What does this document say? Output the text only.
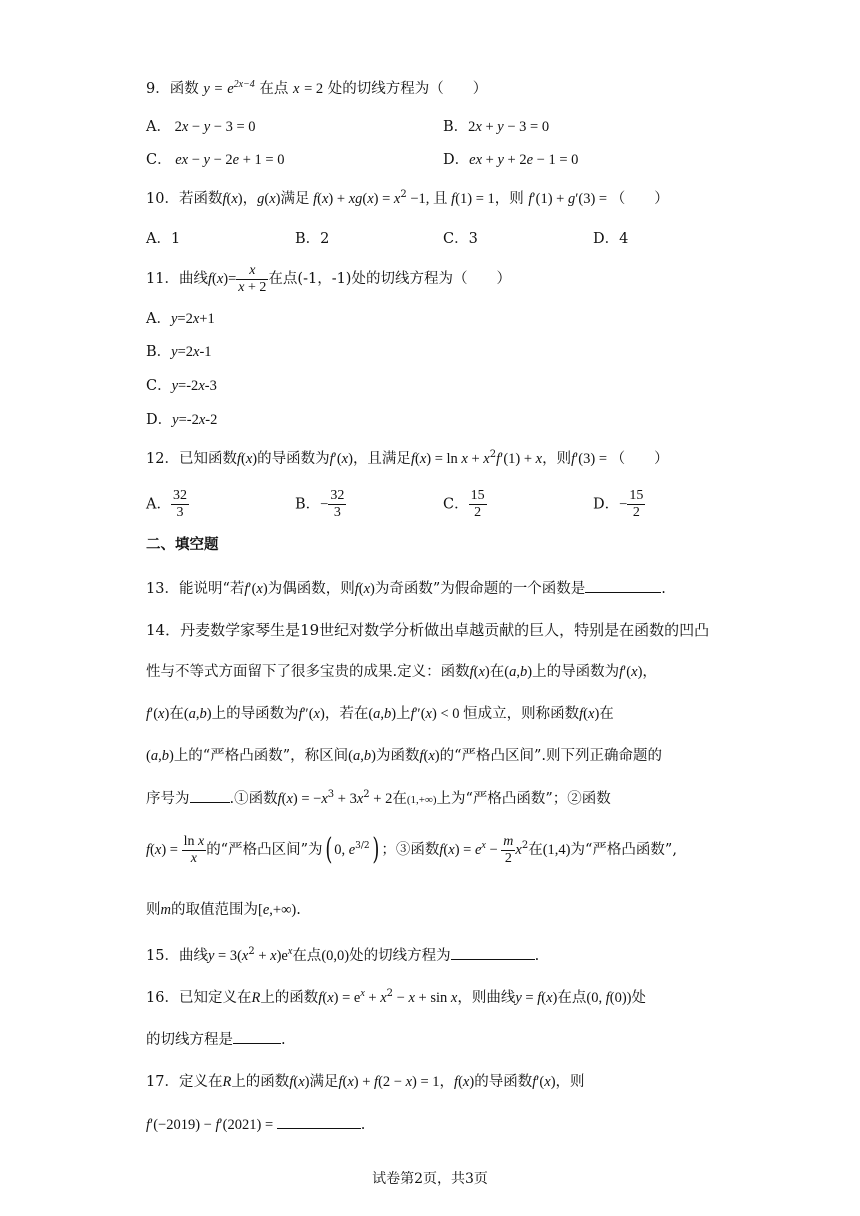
9．函数 $y = e^{2x-4}$ 在点 x = 2 处的切线方程为（　　）
A． 2x − y − 3 = 0	B．2x + y − 3 = 0
C． ex − y − 2e + 1 = 0	D．ex + y + 2e − 1 = 0
10．若函数f(x)，g(x)满足 $f(x) + xg(x) = x^2 -1$, 且 f(1) = 1，则 f′(1) + g′(3) = （　　）
A．1	B．2	C．3	D．4
11．曲线$f(x)= \frac{x}{x + 2}$ 在点(-1，-1)处的切线方程为（　　）
A．y=2x+1
B．y=2x-1
C．y=-2x-3
D．y=-2x-2
12．已知函数f(x)的导函数为f′(x)，且满足$f(x) = \ln x + x^2f'(1) + x$，则f′(3) = （　　）
A． $\frac{32}{3}$	B．− $\frac{32}{3}$	C． $\frac{15}{2}$	D．− $\frac{15}{2}$
二、填空题
13．能说明“若f′(x)为偶函数，则f(x)为奇函数”为假命题的一个函数是	.
14．丹麦数学家琴生是19世纪对数学分析做出卓越贡献的巨人，特别是在函数的凹凸
性与不等式方面留下了很多宝贵的成果.定义：函数f(x)在(a,b)上的导函数为f′(x)，
f′(x)在(a,b)上的导函数为f″(x)，若在(a,b)上f″(x) < 0 恒成立，则称函数f(x)在
(a,b)上的“严格凸函数”，称区间(a,b)为函数f(x)的“严格凸区间”.则下列正确命题的
序号为	.①函数$f(x) = -x^3 + 3x^2 + 2$在(1,+∞)上为“严格凸函数”；②函数
$f(x) = \frac{\text{ln x}}{x}$ 的“严格凸区间”为( 0, $e^{3/2}$) ；③函数$f(x) = e^x - \frac{m}{2} x^2$在(1,4)为“严格凸函数”,
则m的取值范围为[e,+∞).
15．曲线$y = 3(x^2 + x)e^x$在点(0,0)处的切线方程为	.
16．已知定义在R上的函数$f(x) = e^x + x^2 - x + \sin x$，则曲线y = f(x)在点(0, f(0))处
的切线方程是	.
17．定义在R上的函数f(x)满足f(x) + f(2 − x) = 1，f(x)的导函数f′(x)，则
f′(−2019) − f′(2021) =	.
试卷第2页，共3页
